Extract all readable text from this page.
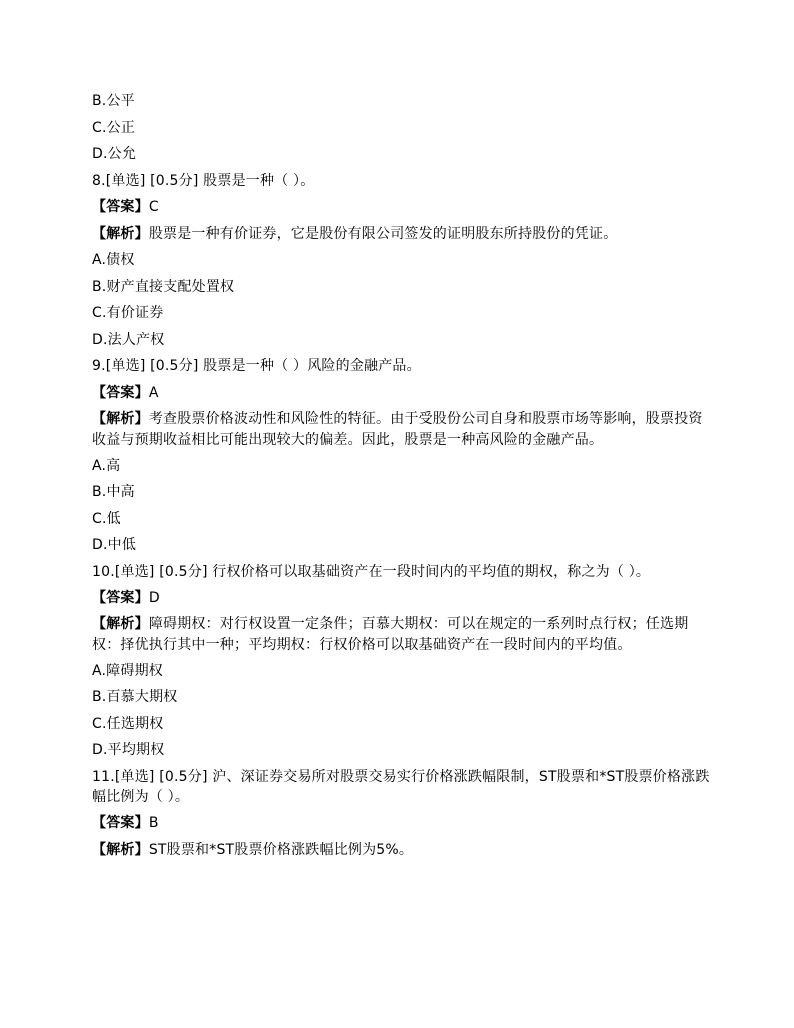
B.公平
C.公正
D.公允
8.[单选] [0.5分] 股票是一种（ ）。
【答案】C
【解析】股票是一种有价证券，它是股份有限公司签发的证明股东所持股份的凭证。
A.债权
B.财产直接支配处置权
C.有价证券
D.法人产权
9.[单选] [0.5分] 股票是一种（ ）风险的金融产品。
【答案】A
【解析】考查股票价格波动性和风险性的特征。由于受股份公司自身和股票市场等影响，股票投资收益与预期收益相比可能出现较大的偏差。因此，股票是一种高风险的金融产品。
A.高
B.中高
C.低
D.中低
10.[单选] [0.5分] 行权价格可以取基础资产在一段时间内的平均值的期权，称之为（ ）。
【答案】D
【解析】障碍期权：对行权设置一定条件；百慕大期权：可以在规定的一系列时点行权；任选期权：择优执行其中一种；平均期权：行权价格可以取基础资产在一段时间内的平均值。
A.障碍期权
B.百慕大期权
C.任选期权
D.平均期权
11.[单选] [0.5分] 沪、深证券交易所对股票交易实行价格涨跌幅限制，ST股票和*ST股票价格涨跌幅比例为（ ）。
【答案】B
【解析】ST股票和*ST股票价格涨跌幅比例为5%。
